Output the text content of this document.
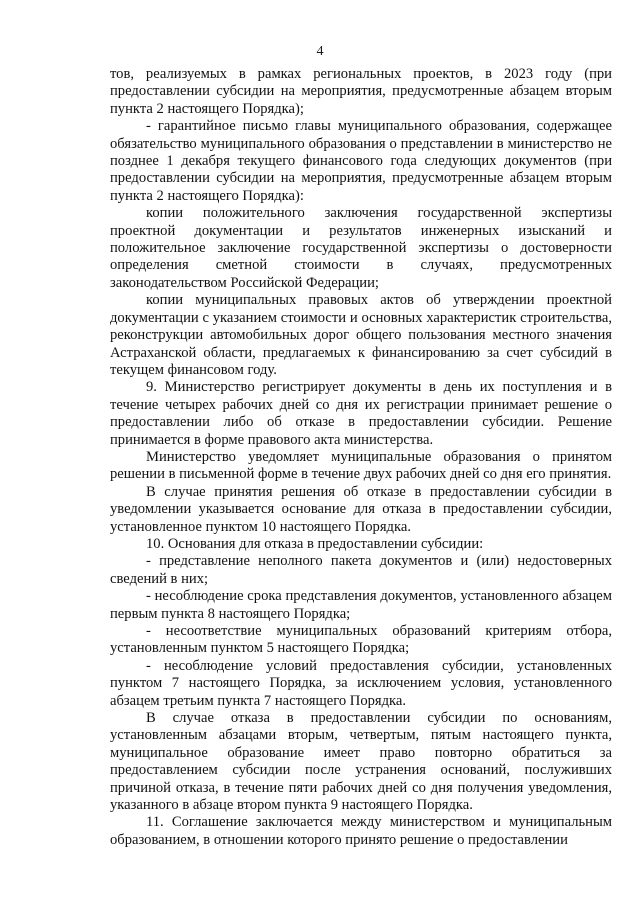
4

тов, реализуемых в рамках региональных проектов, в 2023 году (при предоставлении субсидии на мероприятия, предусмотренные абзацем вторым пункта 2 настоящего Порядка);

- гарантийное письмо главы муниципального образования, содержащее обязательство муниципального образования о представлении в министерство не позднее 1 декабря текущего финансового года следующих документов (при предоставлении субсидии на мероприятия, предусмотренные абзацем вторым пункта 2 настоящего Порядка):

копии положительного заключения государственной экспертизы проектной документации и результатов инженерных изысканий и положительное заключение государственной экспертизы о достоверности определения сметной стоимости в случаях, предусмотренных законодательством Российской Федерации;

копии муниципальных правовых актов об утверждении проектной документации с указанием стоимости и основных характеристик строительства, реконструкции автомобильных дорог общего пользования местного значения Астраханской области, предлагаемых к финансированию за счет субсидий в текущем финансовом году.

9. Министерство регистрирует документы в день их поступления и в течение четырех рабочих дней со дня их регистрации принимает решение о предоставлении либо об отказе в предоставлении субсидии. Решение принимается в форме правового акта министерства.

Министерство уведомляет муниципальные образования о принятом решении в письменной форме в течение двух рабочих дней со дня его принятия.

В случае принятия решения об отказе в предоставлении субсидии в уведомлении указывается основание для отказа в предоставлении субсидии, установленное пунктом 10 настоящего Порядка.

10. Основания для отказа в предоставлении субсидии:

- представление неполного пакета документов и (или) недостоверных сведений в них;

- несоблюдение срока представления документов, установленного абзацем первым пункта 8 настоящего Порядка;

- несоответствие муниципальных образований критериям отбора, установленным пунктом 5 настоящего Порядка;

- несоблюдение условий предоставления субсидии, установленных пунктом 7 настоящего Порядка, за исключением условия, установленного абзацем третьим пункта 7 настоящего Порядка.

В случае отказа в предоставлении субсидии по основаниям, установленным абзацами вторым, четвертым, пятым настоящего пункта, муниципальное образование имеет право повторно обратиться за предоставлением субсидии после устранения оснований, послуживших причиной отказа, в течение пяти рабочих дней со дня получения уведомления, указанного в абзаце втором пункта 9 настоящего Порядка.

11. Соглашение заключается между министерством и муниципальным образованием, в отношении которого принято решение о предоставлении
